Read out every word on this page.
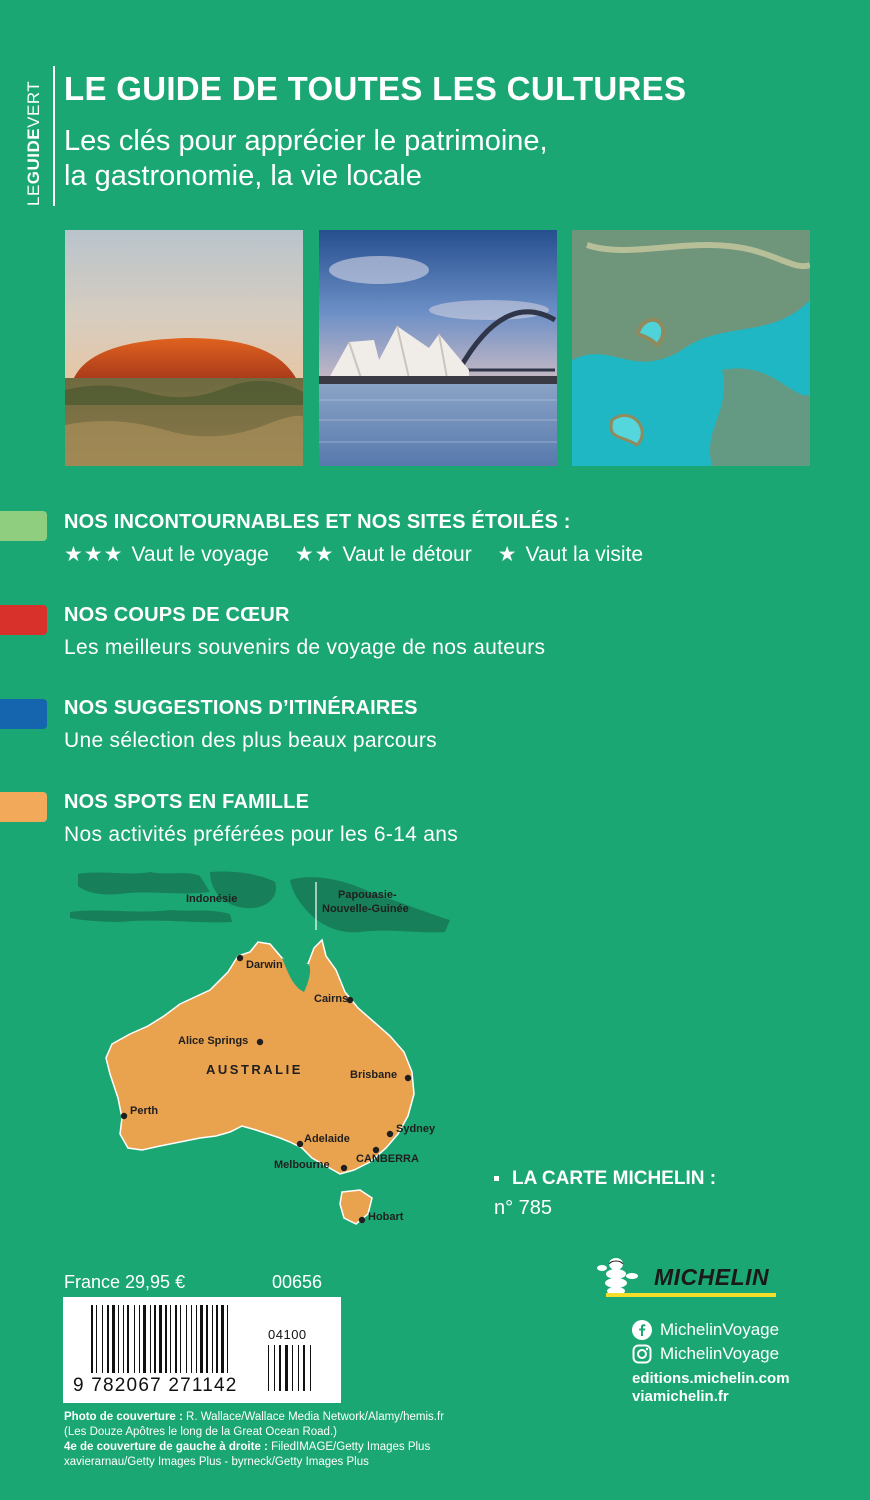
LEGUIDEVERT LE GUIDE DE TOUTES LES CULTURES
Les clés pour apprécier le patrimoine,
la gastronomie, la vie locale
NOS INCONTOURNABLES ET NOS SITES ÉTOILÉS :
★★★ Vaut le voyage ★★ Vaut le détour ★ Vaut la visite
NOS COUPS DE CŒUR
Les meilleurs souvenirs de voyage de nos auteurs
NOS SUGGESTIONS D’ITINÉRAIRES
Une sélection des plus beaux parcours
NOS SPOTS EN FAMILLE
Nos activités préférées pour les 6-14 ans
Indonésie	Papouasie-
Nouvelle-Guinée
Darwin
Cairns
Alice Springs
AUSTRALIE	Brisbane
Perth
Adelaide
Sydney
CANBERRA
Melbourne
Hobart
LA CARTE MICHELIN :
n° 785
France 29,95 €	00656
04100
9 782067 271142
MICHELIN
MichelinVoyage
MichelinVoyage
editions.michelin.com
viamichelin.fr
Photo de couverture : R. Wallace/Wallace Media Network/Alamy/hemis.fr
(Les Douze Apôtres le long de la Great Ocean Road.)
4e de couverture de gauche à droite : FiledIMAGE/Getty Images Plus
xavierarnau/Getty Images Plus - byrneck/Getty Images Plus
